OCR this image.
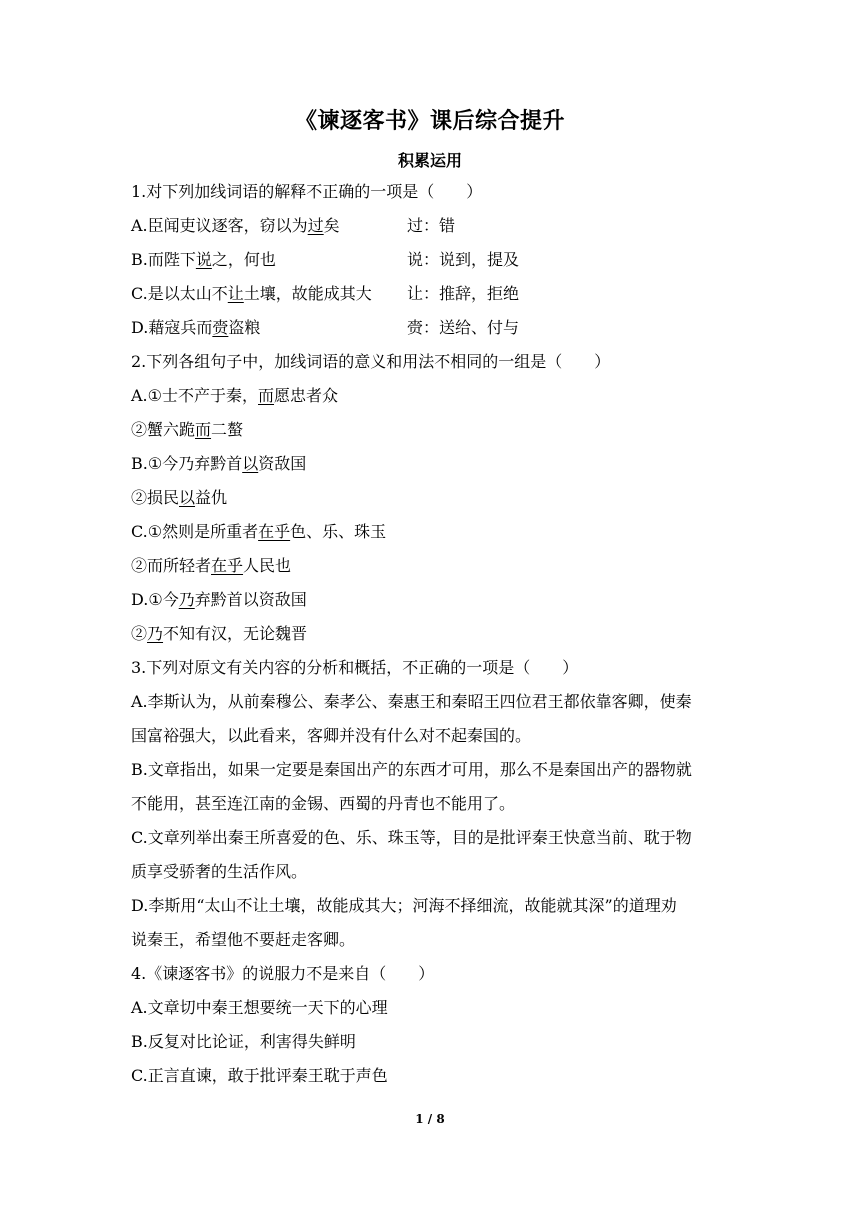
《谏逐客书》课后综合提升
积累运用
1.对下列加线词语的解释不正确的一项是（　　）
A.臣闻吏议逐客，窃以为过矣	过：错
B.而陛下说之，何也	说：说到，提及
C.是以太山不让土壤，故能成其大 让：推辞，拒绝
D.藉寇兵而赍盗粮	赍：送给、付与
2.下列各组句子中，加线词语的意义和用法不相同的一组是（　　）
A.①士不产于秦，而愿忠者众
②蟹六跪而二螯
B.①今乃弃黔首以资敌国
②损民以益仇
C.①然则是所重者在乎色、乐、珠玉
②而所轻者在乎人民也
D.①今乃弃黔首以资敌国
②乃不知有汉，无论魏晋
3.下列对原文有关内容的分析和概括，不正确的一项是（　　）
A.李斯认为，从前秦穆公、秦孝公、秦惠王和秦昭王四位君王都依靠客卿，使秦
国富裕强大，以此看来，客卿并没有什么对不起秦国的。
B.文章指出，如果一定要是秦国出产的东西才可用，那么不是秦国出产的器物就
不能用，甚至连江南的金锡、西蜀的丹青也不能用了。
C.文章列举出秦王所喜爱的色、乐、珠玉等，目的是批评秦王快意当前、耽于物
质享受骄奢的生活作风。
D.李斯用“太山不让土壤，故能成其大；河海不择细流，故能就其深”的道理劝
说秦王，希望他不要赶走客卿。
4.《谏逐客书》的说服力不是来自（　　）
A.文章切中秦王想要统一天下的心理
B.反复对比论证，利害得失鲜明
C.正言直谏，敢于批评秦王耽于声色
1 / 8
